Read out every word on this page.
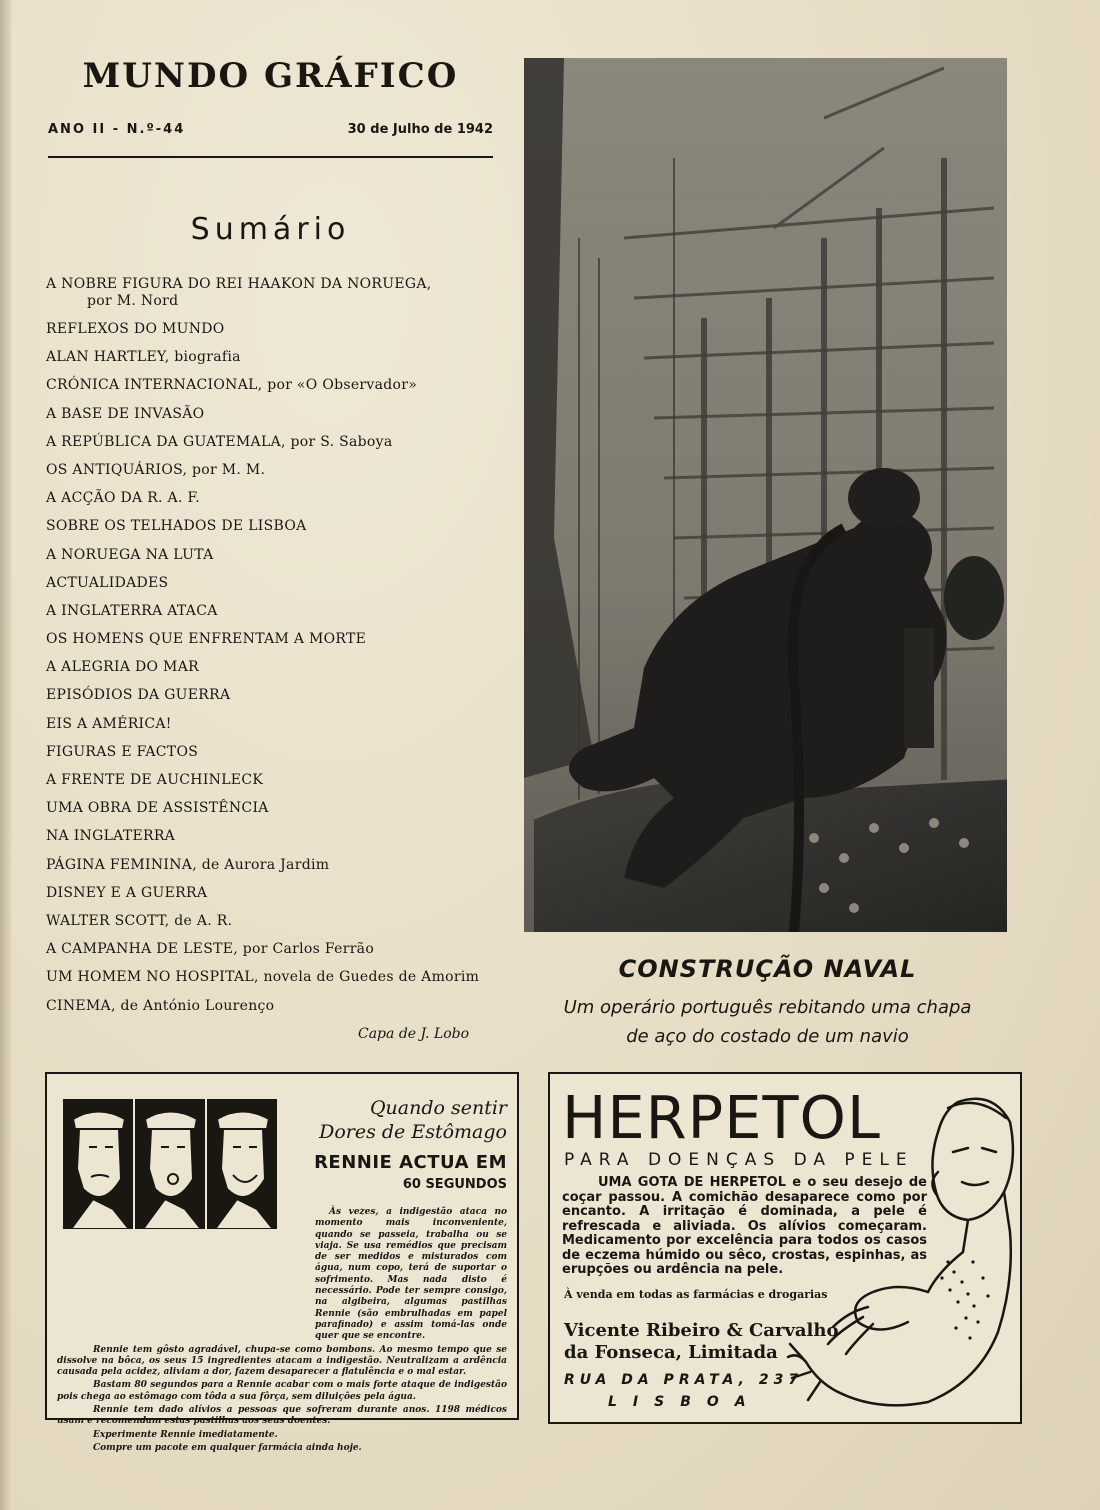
MUNDO GRÁFICO
ANO II - N.º-44	30 de Julho de 1942
Sumário
A NOBRE FIGURA DO REI HAAKON DA NORUEGA,
por M. Nord
REFLEXOS DO MUNDO
ALAN HARTLEY, biografia
CRÓNICA INTERNACIONAL, por «O Observador»
A BASE DE INVASÃO
A REPÚBLICA DA GUATEMALA, por S. Saboya
OS ANTIQUÁRIOS, por M. M.
A ACÇÃO DA R. A. F.
SOBRE OS TELHADOS DE LISBOA
A NORUEGA NA LUTA
ACTUALIDADES
A INGLATERRA ATACA
OS HOMENS QUE ENFRENTAM A MORTE
A ALEGRIA DO MAR
EPISÓDIOS DA GUERRA
EIS A AMÉRICA!
FIGURAS E FACTOS
A FRENTE DE AUCHINLECK
UMA OBRA DE ASSISTÊNCIA
NA INGLATERRA
PÁGINA FEMININA, de Aurora Jardim
DISNEY E A GUERRA
WALTER SCOTT, de A. R.
A CAMPANHA DE LESTE, por Carlos Ferrão
UM HOMEM NO HOSPITAL, novela de Guedes de Amorim
CINEMA, de António Lourenço
Capa de J. Lobo
CONSTRUÇÃO NAVAL
Um operário português rebitando uma chapa
de aço do costado de um navio
Quando sentir
Dores de Estômago
RENNIE ACTUA EM
60 SEGUNDOS

Às vezes, a indigestão ataca no momento mais inconveniente, quando se passeia, trabalha ou se viaja. Se usa remédios que precisam de ser medidos e misturados com água, num copo, terá de suportar o sofrimento. Mas nada disto é necessário. Pode ter sempre consigo, na algibeira, algumas pastilhas Rennie (são embrulhadas em papel parafinado) e assim tomá-las onde quer que se encontre.

Rennie tem gôsto agradável, chupa-se como bombons. Ao mesmo tempo que se dissolve na bôca, os seus 15 ingredientes atacam a indigestão. Neutralizam a ardência causada pela acidez, aliviam a dor, fazem desaparecer a flatulência e o mal estar.

Bastam 80 segundos para a Rennie acabar com o mais forte ataque de indigestão pois chega ao estômago com tôda a sua fôrça, sem diluições pela água.

Rennie tem dado alívios a pessoas que sofreram durante anos. 1198 médicos usam e recomendam estas pastilhas aos seus doentes.

Experimente Rennie imediatamente.

Compre um pacote em qualquer farmácia ainda hoje.

HERPETOL
PARA DOENÇAS DA PELE
UMA GOTA DE HERPETOL e o seu desejo de coçar passou. A comichão desaparece como por encanto. A irritação é dominada, a pele é refrescada e aliviada. Os alívios começaram. Medicamento por excelência para todos os casos de eczema húmido ou sêco, crostas, espinhas, as erupções ou ardência na pele.
À venda em todas as farmácias e drogarias
Vicente Ribeiro & Carvalho
da Fonseca, Limitada
RUA DA PRATA, 237
LISBOA
